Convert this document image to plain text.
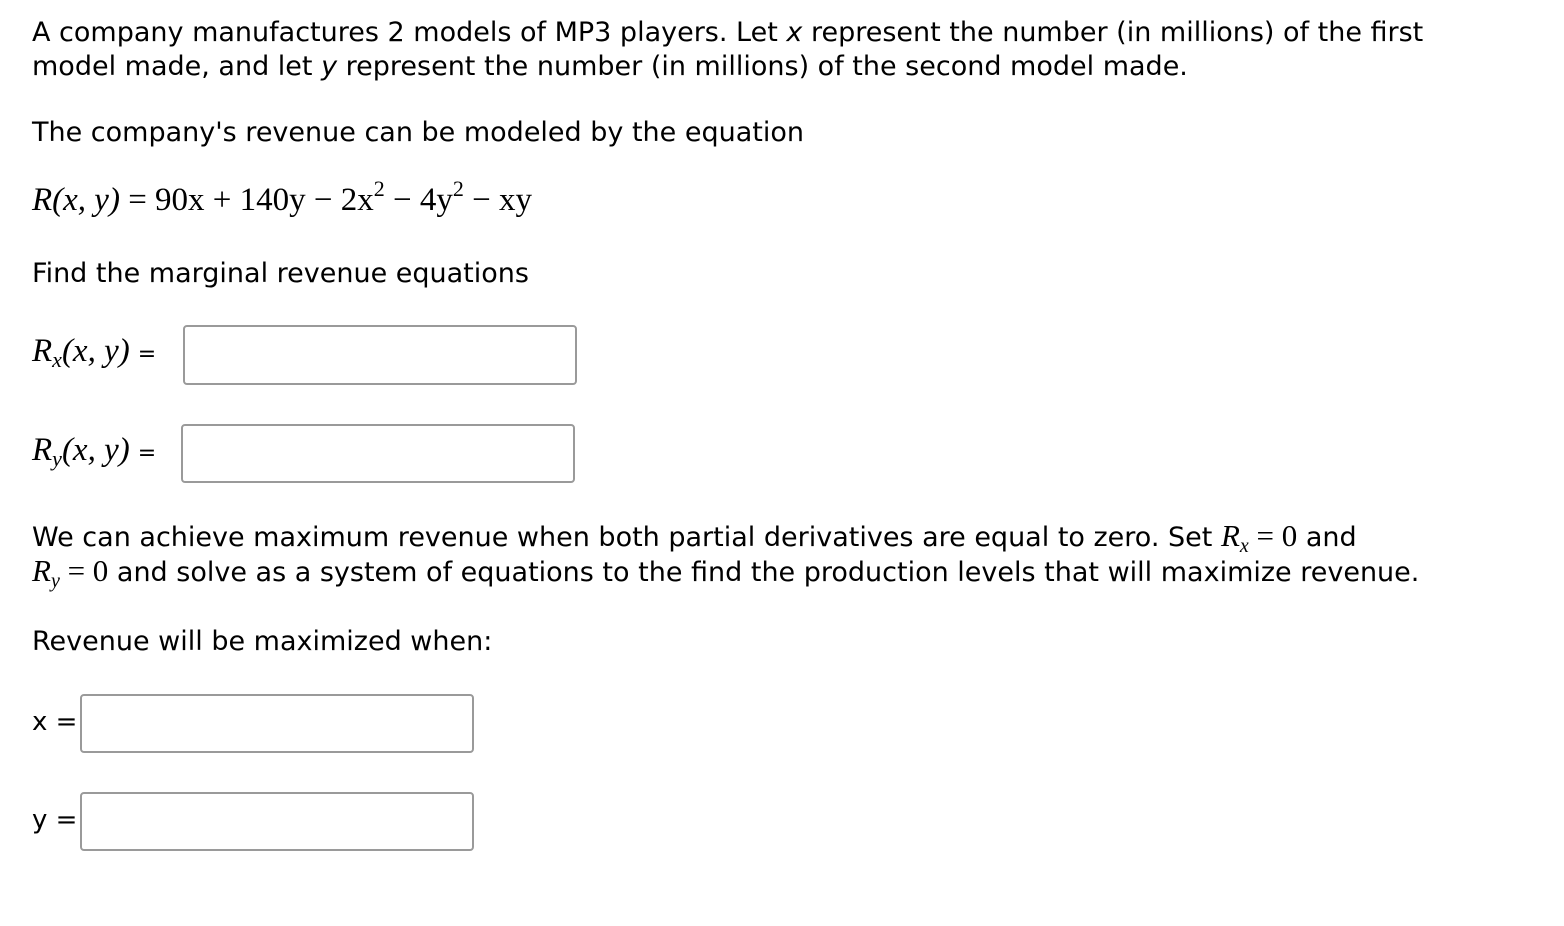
A company manufactures 2 models of MP3 players. Let x represent the number (in millions) of the first
model made, and let y represent the number (in millions) of the second model made.
The company's revenue can be modeled by the equation
R(x, $y) = 90x + 140y - 2x^2 - 4y^2$ − xy
Find the marginal revenue equations
$R_x(x$, y) =
$R_y(x$, y) =
We can achieve maximum revenue when both partial derivatives are equal to zero. Set $R_x = 0$ and
$R_y = 0$ and solve as a system of equations to the find the production levels that will maximize revenue.
Revenue will be maximized when:
x =
y =
